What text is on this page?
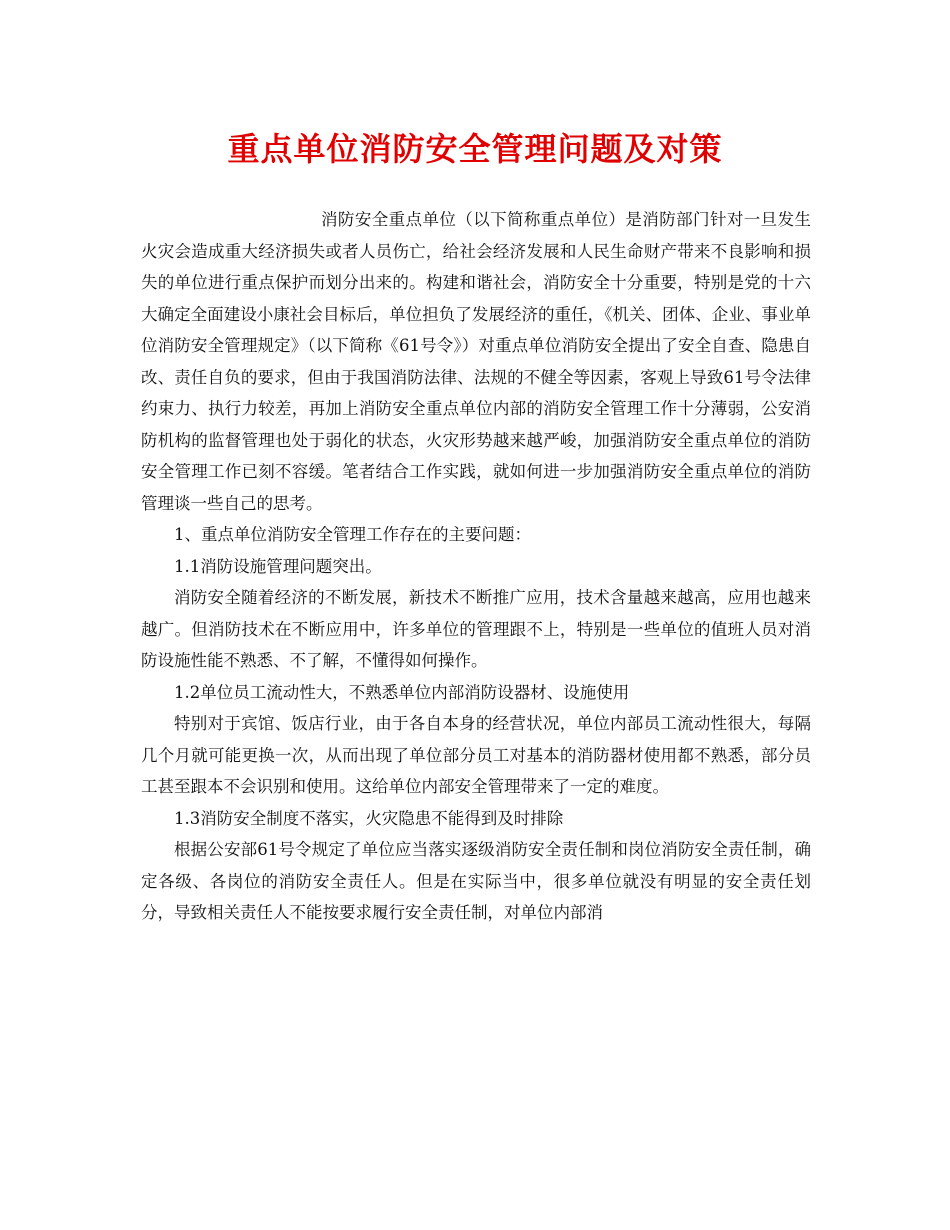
重点单位消防安全管理问题及对策

消防安全重点单位（以下简称重点单位）是消防部门针对一旦发生火灾会造成重大经济损失或者人员伤亡，给社会经济发展和人民生命财产带来不良影响和损失的单位进行重点保护而划分出来的。构建和谐社会，消防安全十分重要，特别是党的十六大确定全面建设小康社会目标后，单位担负了发展经济的重任，《机关、团体、企业、事业单位消防安全管理规定》（以下简称《61号令》）对重点单位消防安全提出了安全自查、隐患自改、责任自负的要求，但由于我国消防法律、法规的不健全等因素，客观上导致61号令法律约束力、执行力较差，再加上消防安全重点单位内部的消防安全管理工作十分薄弱，公安消防机构的监督管理也处于弱化的状态，火灾形势越来越严峻，加强消防安全重点单位的消防安全管理工作已刻不容缓。笔者结合工作实践，就如何进一步加强消防安全重点单位的消防管理谈一些自己的思考。

1、重点单位消防安全管理工作存在的主要问题：

1.1消防设施管理问题突出。

消防安全随着经济的不断发展，新技术不断推广应用，技术含量越来越高，应用也越来越广。但消防技术在不断应用中，许多单位的管理跟不上，特别是一些单位的值班人员对消防设施性能不熟悉、不了解，不懂得如何操作。

1.2单位员工流动性大，不熟悉单位内部消防设器材、设施使用

特别对于宾馆、饭店行业，由于各自本身的经营状况，单位内部员工流动性很大，每隔几个月就可能更换一次，从而出现了单位部分员工对基本的消防器材使用都不熟悉，部分员工甚至跟本不会识别和使用。这给单位内部安全管理带来了一定的难度。

1.3消防安全制度不落实，火灾隐患不能得到及时排除

根据公安部61号令规定了单位应当落实逐级消防安全责任制和岗位消防安全责任制，确定各级、各岗位的消防安全责任人。但是在实际当中，很多单位就没有明显的安全责任划分，导致相关责任人不能按要求履行安全责任制，对单位内部消
